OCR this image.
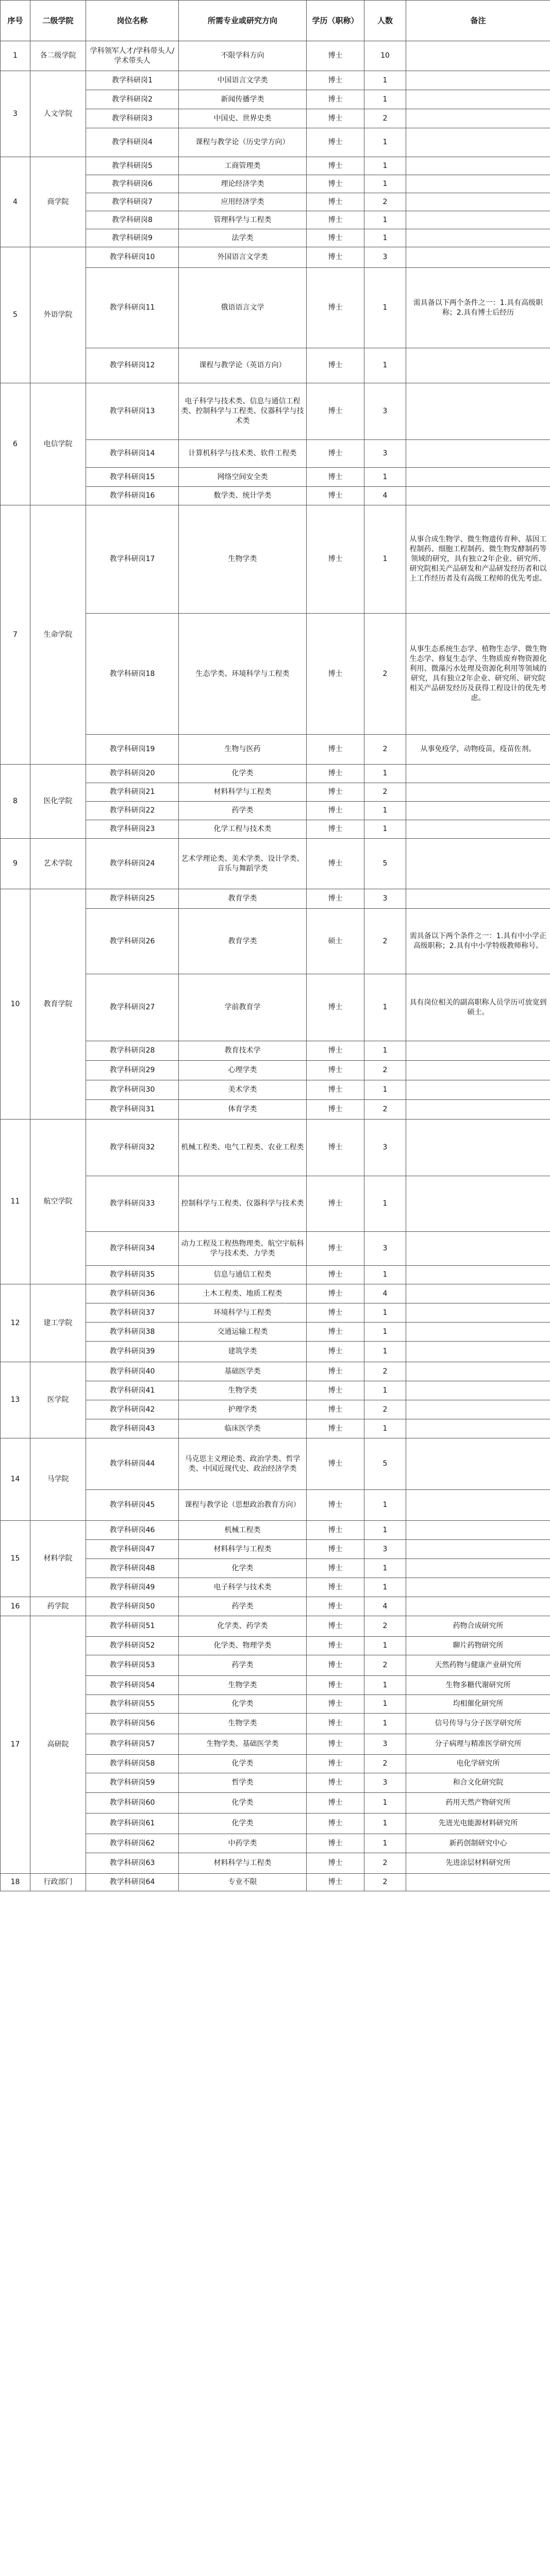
序号	二级学院	岗位名称	所需专业或研究方向	学历（职称）	人数	备注
1	各二级学院	学科领军人才/学科带头人/学术带头人	不限学科方向	博士	10	
3	人文学院	教学科研岗1	中国语言文学类	博士	1	
		教学科研岗2	新闻传播学类	博士	1	
		教学科研岗3	中国史、世界史类	博士	2	
		教学科研岗4	课程与教学论（历史学方向）	博士	1	
4	商学院	教学科研岗5	工商管理类	博士	1	
		教学科研岗6	理论经济学类	博士	1	
		教学科研岗7	应用经济学类	博士	2	
		教学科研岗8	管理科学与工程类	博士	1	
		教学科研岗9	法学类	博士	1	
5	外语学院	教学科研岗10	外国语言文学类	博士	3	
		教学科研岗11	俄语语言文学	博士	1	需具备以下两个条件之一：1.具有高级职称；2.具有博士后经历
		教学科研岗12	课程与教学论（英语方向）	博士	1	
6	电信学院	教学科研岗13	电子科学与技术类、信息与通信工程类、控制科学与工程类、仪器科学与技术类	博士	3	
		教学科研岗14	计算机科学与技术类、软件工程类	博士	3	
		教学科研岗15	网络空间安全类	博士	1	
		教学科研岗16	数学类、统计学类	博士	4	
7	生命学院	教学科研岗17	生物学类	博士	1	从事合成生物学、微生物遗传育种、基因工程制药、细胞工程制药、微生物发酵制药等领域的研究，具有独立2年企业、研究所、研究院相关产品研发和产品研发经历者和以上工作经历者及有高级工程师的优先考虑。
		教学科研岗18	生态学类、环境科学与工程类	博士	2	从事生态系统生态学、植物生态学、微生物生态学、修复生态学、生物质废弃物资源化利用、微藻污水处理及资源化利用等领域的研究，具有独立2年企业、研究所、研究院相关产品研发经历及获得工程设计的优先考虑。
		教学科研岗19	生物与医药	博士	2	从事免疫学，动物疫苗，疫苗佐剂。
8	医化学院	教学科研岗20	化学类	博士	1	
		教学科研岗21	材料科学与工程类	博士	2	
		教学科研岗22	药学类	博士	1	
		教学科研岗23	化学工程与技术类	博士	1	
9	艺术学院	教学科研岗24	艺术学理论类、美术学类、设计学类、音乐与舞蹈学类	博士	5	
10	教育学院	教学科研岗25	教育学类	博士	3	
		教学科研岗26	教育学类	硕士	2	需具备以下两个条件之一：1.具有中小学正高级职称；2.具有中小学特级教师称号。
		教学科研岗27	学前教育学	博士	1	具有岗位相关的副高职称人员学历可放宽到硕士。
		教学科研岗28	教育技术学	博士	1	
		教学科研岗29	心理学类	博士	2	
		教学科研岗30	美术学类	博士	1	
		教学科研岗31	体育学类	博士	2	
11	航空学院	教学科研岗32	机械工程类、电气工程类、农业工程类	博士	3	
		教学科研岗33	控制科学与工程类、仪器科学与技术类	博士	1	
		教学科研岗34	动力工程及工程热物理类、航空宇航科学与技术类、力学类	博士	3	
		教学科研岗35	信息与通信工程类	博士	1	
12	建工学院	教学科研岗36	土木工程类、地质工程类	博士	4	
		教学科研岗37	环境科学与工程类	博士	1	
		教学科研岗38	交通运输工程类	博士	1	
		教学科研岗39	建筑学类	博士	1	
13	医学院	教学科研岗40	基础医学类	博士	2	
		教学科研岗41	生物学类	博士	1	
		教学科研岗42	护理学类	博士	2	
		教学科研岗43	临床医学类	博士	1	
14	马学院	教学科研岗44	马克思主义理论类、政治学类、哲学类、中国近现代史、政治经济学类	博士	5	
		教学科研岗45	课程与教学论（思想政治教育方向）	博士	1	
15	材料学院	教学科研岗46	机械工程类	博士	1	
		教学科研岗47	材料科学与工程类	博士	3	
		教学科研岗48	化学类	博士	1	
		教学科研岗49	电子科学与技术类	博士	1	
16	药学院	教学科研岗50	药学类	博士	4	
17	高研院	教学科研岗51	化学类、药学类	博士	2	药物合成研究所
		教学科研岗52	化学类、物理学类	博士	1	聊片药物研究所
		教学科研岗53	药学类	博士	2	天然药物与健康产业研究所
		教学科研岗54	生物学类	博士	1	生物多糖代谢研究所
		教学科研岗55	化学类	博士	1	均相催化研究所
		教学科研岗56	生物学类	博士	1	信号传导与分子医学研究所
		教学科研岗57	生物学类、基础医学类	博士	3	分子病理与精准医学研究所
		教学科研岗58	化学类	博士	2	电化学研究所
		教学科研岗59	哲学类	博士	3	和合文化研究院
		教学科研岗60	化学类	博士	1	药用天然产物研究所
		教学科研岗61	化学类	博士	1	先进光电能源材料研究所
		教学科研岗62	中药学类	博士	1	新药创制研究中心
		教学科研岗63	材料科学与工程类	博士	2	先进涂层材料研究所
18	行政部门	教学科研岗64	专业不限	博士	2	
